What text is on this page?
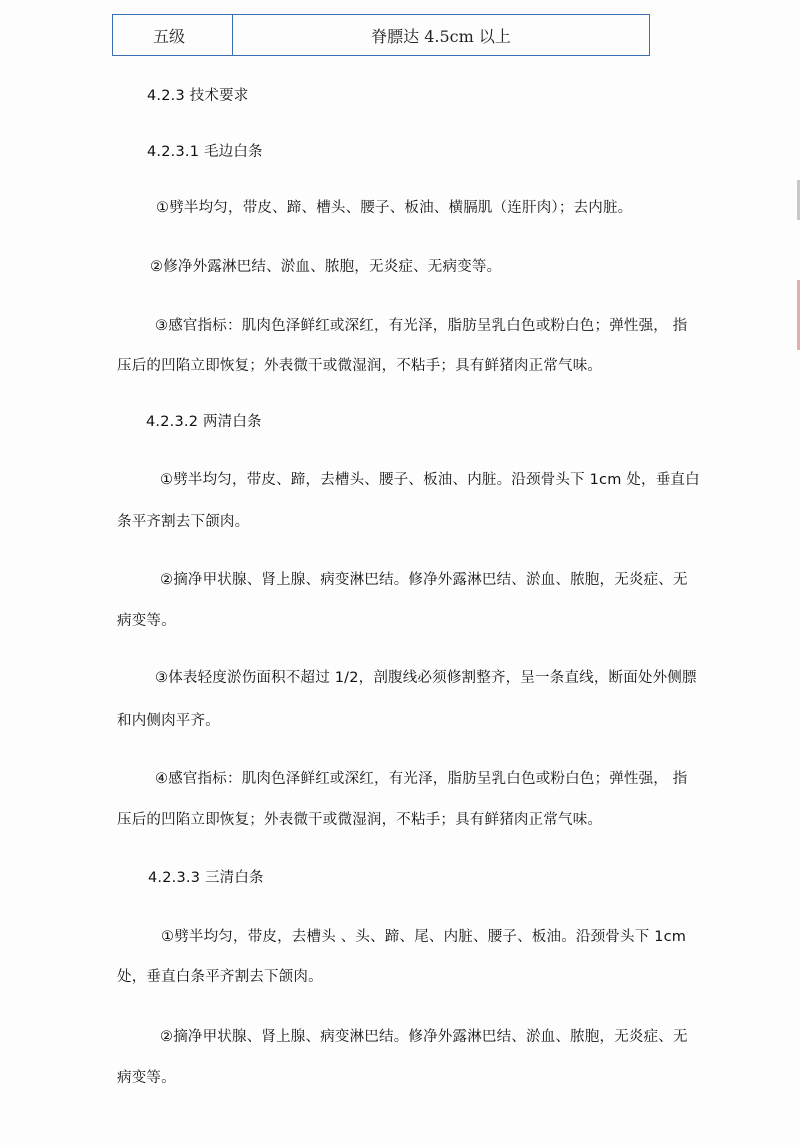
五级	脊膘达 4.5cm 以上
4.2.3 技术要求
4.2.3.1 毛边白条
①劈半均匀，带皮、蹄、槽头、腰子、板油、横膈肌（连肝肉）；去内脏。
②修净外露淋巴结、淤血、脓胞，无炎症、无病变等。
③感官指标：肌肉色泽鲜红或深红，有光泽，脂肪呈乳白色或粉白色；弹性强， 指
压后的凹陷立即恢复；外表微干或微湿润，不粘手；具有鲜猪肉正常气味。
4.2.3.2 两清白条
①劈半均匀，带皮、蹄，去槽头、腰子、板油、内脏。沿颈骨头下 1cm 处，垂直白
条平齐割去下颌肉。
②摘净甲状腺、肾上腺、病变淋巴结。修净外露淋巴结、淤血、脓胞，无炎症、无
病变等。
③体表轻度淤伤面积不超过 1/2，剖腹线必须修割整齐，呈一条直线，断面处外侧膘
和内侧肉平齐。
④感官指标：肌肉色泽鲜红或深红，有光泽，脂肪呈乳白色或粉白色；弹性强， 指
压后的凹陷立即恢复；外表微干或微湿润，不粘手；具有鲜猪肉正常气味。
4.2.3.3 三清白条
①劈半均匀，带皮，去槽头 、头、蹄、尾、内脏、腰子、板油。沿颈骨头下 1cm
处，垂直白条平齐割去下颌肉。
②摘净甲状腺、肾上腺、病变淋巴结。修净外露淋巴结、淤血、脓胞，无炎症、无
病变等。
